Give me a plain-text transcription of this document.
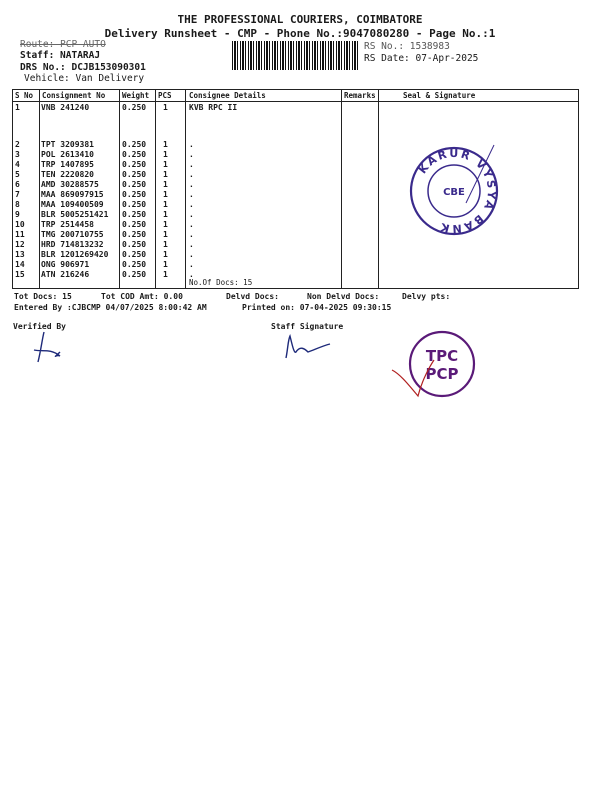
THE PROFESSIONAL COURIERS, COIMBATORE
Delivery Runsheet - CMP - Phone No.:9047080280 - Page No.:1
Route: PCP AUTO
Staff: NATARAJ
DRS No.: DCJB153090301
Vehicle: Van Delivery
RS No.: 1538983
RS Date: 07-Apr-2025
S No Consignment No Weight PCS Consignee Details	Remarks	Seal & Signature
1	VNB 241240	0.250 1	KVB RPC II
2	TPT 3209381	0.250 1	.
3	POL 2613410	0.250 1	.
4	TRP 1407895	0.250 1	.
5	TEN 2220820	0.250 1	.
6	AMD 30288575	0.250 1	.
7	MAA 869097915 0.250 1	.
8	MAA 109400509 0.250 1	.
9	BLR 5005251421 0.250 1	.
10 TRP 2514458	0.250 1	.
11 TMG 200710755 0.250 1	.
12 HRD 714813232 0.250 1	.
13 BLR 1201269420 0.250 1	.
14 ONG 906971	0.250 1	.
15 ATN 216246	0.250 1	.
No.Of Docs: 15
KARUR VYSYA BANK
CBE
Tot Docs: 15	Tot COD Amt: 0.00	Delvd Docs:	Non Delvd Docs:	Delvy pts:
Entered By :CJBCMP 04/07/2025 8:00:42 AM	Printed on: 07-04-2025 09:30:15
Verified By	Staff Signature
TPC
PCP
